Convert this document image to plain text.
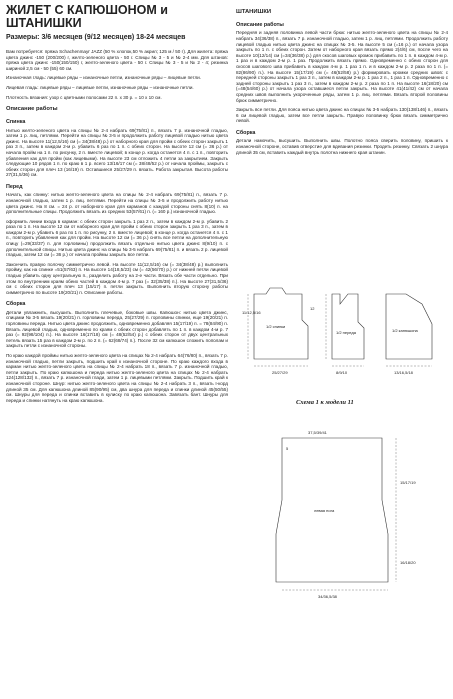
ЖИЛЕТ С КАПЮШОНОМ и ШТАНИШКИ
Размеры: 3/6 месяцев (9/12 месяцев) 18-24 месяцев
Вам потребуется: пряжа Schachenmayr JAZZ (50 % хлопок,50 % акрил; 125 м / 50 г). Для жилета: пряжа цвета джинс -150 (200/200) г, желто-зеленого цвета - 50 г. Спицы № 3 - 5 и № 2-4 мм. Для штанов: пряжа цвета джинс -150(150/150) г, желто-зеленого цвета - 50 г. Спицы № 3 - 5 и № 2 - 4; резинка шириной 2,5 см - 50 (55) 60 см.
Изнаночная гладь: лицевые ряды – изнаночные петли, изнаночные ряды – лицевые петли.
Лицевая гладь: лицевые ряды – лицевые петли, изнаночные ряды – изнаночные петли.
Плотность вязания: узор с цветными полосами 22 п. х 30 р. = 10 х 10 см.
Описание работы
Спинка
Нитью желто-зеленого цвета на спицы № 2-4 набрать 69(75/81) п., вязать 7 р. изнаночной гладью, затем 1 р. лиц. петлями. Перейти на спицы № 3-5 и продолжить работу лицевой гладью нитью цвета джинс. На высоте 11(12,5/16) см (= 34(38/48) р.) от наборного края для пройм с обеих сторон закрыть 1 раз 3 п., затем в каждом 2-м р. убавить 6 раз по 1 п. с обеих сторон. На высоте 12 см (= 36 р.) от начала пройм на 1 п. по рисунку, 2 п. вместе лицевой; в конце р. когда останется 4 п. с 1 п., повторить убавления как для пройм (как лицевыми). На высоте 23 см отложить 4 петли за закрытием. Закрыть следующие 10 рядов 1 п. по краю в 1 р. всего 13/16/17 см (= 38/48/52 р.) от начала проймы, закрыть с обеих сторон для плеч 13 (16/19) п. Оставшиеся 25/27/29 п. вязать. Работа закрытая. Высота работы 27(31,5/36) см.
Перед
Начать, как спинку: нитью желто-зеленого цвета на спицы № 2-4 набрать 69(75/81) п., вязать 7 р. изнаночной гладью, затем 1 р. лиц. петлями. Перейти на спицы № 3-5 и продолжить работу нитью цвета джинс. На 8 см. = 24 р. от наборного края для карманов с каждой стороны снять 8(10) п. на дополнительные спицы. Продолжить вязать из средних 53(57/61) п. (= 160 р.) изнаночной гладью.
оформить линии входа в карман: с обеих сторон закрыть 1 раз 2 п., затем в каждом 2-м р. убавить 2 раза по 1 п. На высоте 12 см от наборного края для пройм с обеих сторон закрыть 1 раз 3 п., затем в каждом 2-м р. убавить 6 раз по 1 п. по рисунку, 2 п. вместе лицевой; в конце р. когда останется 4 п. с 1 п., повторить убавления как для пройм. На высоте 12 см (= 36 р.) снять все петли на дополнительную спицу (=29(33/37) п. для горловины) продолжить вязать отдельно нитью цвета джинс 8(9/10) п. с дополнительной спицы. Нитью цвета джинс на спицы № 3-5 набрать 69(75/81) п. и вязать 2 р. лицевой гладью, затем 12 см (= 36 р.) от начала проймы закрыть все петли.
Закончить правую полочку симметрично левой. На высоте 11(12,5/16) см (= 34(38/48) р.) выполнить пройму, как на спинке =51(57/63) п. На высоте 14(18,5/23) см (= 42(56/70) р.) от нижней петли лицевой гладью убавить одну центральную п., разделить работу на 2-е части. Вязать обе части отдельно. При этом по внутренним краям обеих частей в каждом 4-м р. 7 раз (= 32(35/38) п.). На высоте 27(31,5/36) см с обеих сторон для плеч 13 (15/17) п. петли закрыть. Выполнить вторую сторону работы симметрично по высоте 19(20/21) п. Описание работы.
Сборка
Детали увлажнить, высушить. Выполнить плечевые, боковые швы. Капюшон: нитью цвета джинс, спицами № 3-5 вязать 19(20/21) п. горловины переда, 25(27/29) п. горловины спинки, еще 19(20/21) п. горловины переда. Нитью цвета джинс продолжить, одновременно добавляя 15(17/19) п. = 78(84/90) п. Вязать лицевой гладью, одновременно по краям с обеих сторон добавлять по 1 п. в каждом 4-м р. 7 раз (= 92(98/104) п.). На высоте 16(17/18) см (= 48(52/54) р.) с обеих сторон от двух центральных петель вязать 15 раз в каждом 2-м р. по 2 п. (= 62(68/74) п.). После 32 см капюшон сложить пополам и закрыть петли с изнаночной стороны.
По краю каждой проймы нитью желто-зеленого цвета на спицах № 2-4 набрать 64(76/80) п., вязать 7 р. изнаночной гладью, петли закрыть, подшить край к изнаночной стороне. По краю каждого входа в карман нитью желто-зеленого цвета на спицы № 2-4 набрать 18 п., вязать 7 р. изнаночной гладью, петли закрыть. По краю капюшона и переда нитью желто-зеленого цвета на спицах № 2-4 набрать 124(128/132) п., вязать 7 р. изнаночной глади, затем 1 р. лицевыми петлями. Закрыть. Подшить край к изнаночной стороне. Шнур: нитью желто-зеленого цвета на спицы № 2-4 набрать 3 п., вязать I-корд длиной 35 см. Для капюшона длиной 85(90/95) см, два шнура для переда и спинки длиной 45(50/55) см. Шнуры для переда и спинки вставить в кулиску по краю капюшона. Завязать бант. Шнуры для переда и спинки натянуть на краю капюшона.
ШТАНИШКИ
Описание работы
Передняя и задняя половинка левой части брюк: нитью желто-зеленого цвета на спицы № 2-4 набрать 34(36/38) п., вязать 7 р. изнаночной гладью, затем 1 р. лиц. петлями. Продолжить работу лицевой гладью нитью цвета джинс на спицах № 3-5. На высоте 5 см (=16 р.) от начала узора закрыть по 1 п. с обеих сторон. Затем от наборного края вязать прямо 2(4/6) см, после чего на высоте 10(12/14) см (=34(36/38) р.) для скосов шаговых кромок прибавить по 1 п. в каждом 4-м р. 1 раз и в каждом 2-м р. 1 раз. Продолжить вязать прямо. Одновременно с обеих сторон для скосов шагового шва прибавить в каждом 4-м р. 1 раз 1 п. и в каждом 2-м р. 2 раза по 1 п. (= 82(86/90) п.). На высоте 15(17/19) см (= 46(52/58) р.) формировать кромки средних швов: с передней стороны закрыть 1 раз 3 п., затем в каждом 2-м р. 1 раз 2 п., 1 раз 1 п. Одновременно с задней стороны закрыть 1 раз 3 п., затем в каждом 2-м р. 2 раза по 1 п. На высоте 16(18/20) см (=48(54/60) р.) от начала узора оставшиеся петли закрыть. На высоте 41(41/42) см от начала средних швов выполнить укороченные ряды, затем 1 р. лиц. петлями. Вязать второй половины брюк симметрично.
Закрыть все петли. Для пояса нитью цвета джинс на спицах № 3-5 набрать 130(138/146) п., вязать 6 см лицевой гладью, затем все петли закрыть. Правую половинку брюк вязать симметрично левой.
Сборка
Детали намочить, высушить. Выполнить швы. Полотно пояса сверить половину, пришить к изнаночной стороне, оставив отверстие для вдевания резинки. Продеть резинку. Связать 2 шнура длиной 35 см, вставить каждый внутрь полотна нижнего края штанин.
1/2 спинки
1/2 переда	1/2 капюшона
левая нога
11/12,5/16
12
25/27/29	8/9/10	13/16,5/18
34/36,5/38
15/17/19
16/18/20
5
37,5/39/41
Схема 1 к модели 11
